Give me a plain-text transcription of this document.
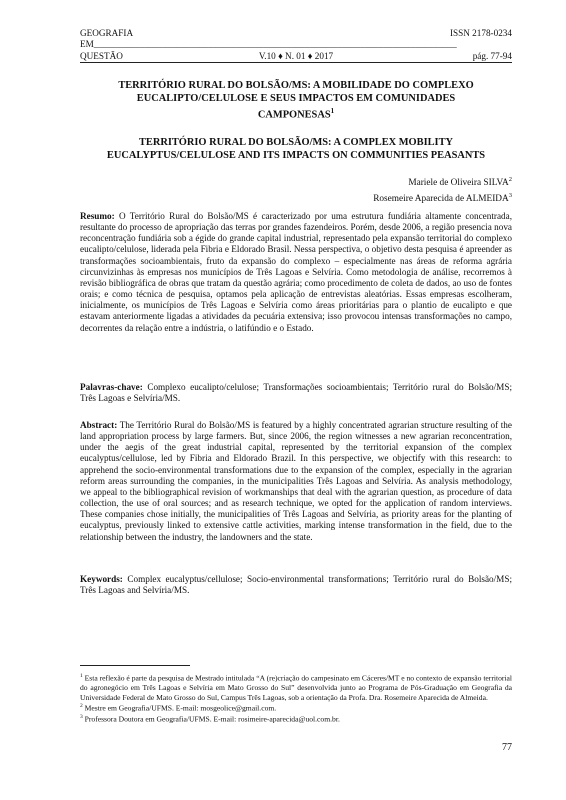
GEOGRAFIA	ISSN 2178-0234
EM_______________________________________________________________________________
QUESTÃO	V.10 ♦ N. 01 ♦ 2017	pág. 77-94
TERRITÓRIO RURAL DO BOLSÃO/MS: A MOBILIDADE DO COMPLEXO
EUCALIPTO/CELULOSE E SEUS IMPACTOS EM COMUNIDADES
CAMPONESAS$^1$
TERRITÓRIO RURAL DO BOLSÃO/MS: A COMPLEX MOBILITY
EUCALYPTUS/CELULOSE AND ITS IMPACTS ON COMMUNITIES PEASANTS
Mariele de Oliveira SILVA$^2$
Rosemeire Aparecida de ALMEIDA$^3$

Resumo: O Território Rural do Bolsão/MS é caracterizado por uma estrutura fundiária altamente concentrada, resultante do processo de apropriação das terras por grandes fazendeiros. Porém, desde 2006, a região presencia nova reconcentração fundiária sob a égide do grande capital industrial, representado pela expansão territorial do complexo eucalipto/celulose, liderada pela Fibria e Eldorado Brasil. Nessa perspectiva, o objetivo desta pesquisa é apreender as transformações socioambientais, fruto da expansão do complexo – especialmente nas áreas de reforma agrária circunvizinhas às empresas nos municípios de Três Lagoas e Selvíria. Como metodologia de análise, recorremos à revisão bibliográfica de obras que tratam da questão agrária; como procedimento de coleta de dados, ao uso de fontes orais; e como técnica de pesquisa, optamos pela aplicação de entrevistas aleatórias. Essas empresas escolheram, inicialmente, os municípios de Três Lagoas e Selvíria como áreas prioritárias para o plantio de eucalipto e que estavam anteriormente ligadas a atividades da pecuária extensiva; isso provocou intensas transformações no campo, decorrentes da relação entre a indústria, o latifúndio e o Estado.

Palavras-chave: Complexo eucalipto/celulose; Transformações socioambientais; Território rural do Bolsão/MS; Três Lagoas e Selvíria/MS.

Abstract: The Território Rural do Bolsão/MS is featured by a highly concentrated agrarian structure resulting of the land appropriation process by large farmers. But, since 2006, the region witnesses a new agrarian reconcentration, under the aegis of the great industrial capital, represented by the territorial expansion of the complex eucalyptus/cellulose, led by Fibria and Eldorado Brazil. In this perspective, we objectify with this research: to apprehend the socio-environmental transformations due to the expansion of the complex, especially in the agrarian reform areas surrounding the companies, in the municipalities Três Lagoas and Selvíria. As analysis methodology, we appeal to the bibliographical revision of workmanships that deal with the agrarian question, as procedure of data collection, the use of oral sources; and as research technique, we opted for the application of random interviews. These companies chose initially, the municipalities of Três Lagoas and Selvíria, as priority areas for the planting of eucalyptus, previously linked to extensive cattle activities, marking intense transformation in the field, due to the relationship between the industry, the landowners and the state.

Keywords: Complex eucalyptus/cellulose; Socio-environmental transformations; Território rural do Bolsão/MS; Três Lagoas and Selvíria/MS.

$^1$ Esta reflexão é parte da pesquisa de Mestrado intitulada “A (re)criação do campesinato em Cáceres/MT e no contexto de expansão territorial do agronegócio em Três Lagoas e Selvíria em Mato Grosso do Sul” desenvolvida junto ao Programa de Pós-Graduação em Geografia da Universidade Federal de Mato Grosso do Sul, Campus Três Lagoas, sob a orientação da Profa. Dra. Rosemeire Aparecida de Almeida.
$^2$ Mestre em Geografia/UFMS. E-mail: mosgeolice@gmail.com.
$^3$ Professora Doutora em Geografia/UFMS. E-mail: rosimeire-aparecida@uol.com.br.
77
